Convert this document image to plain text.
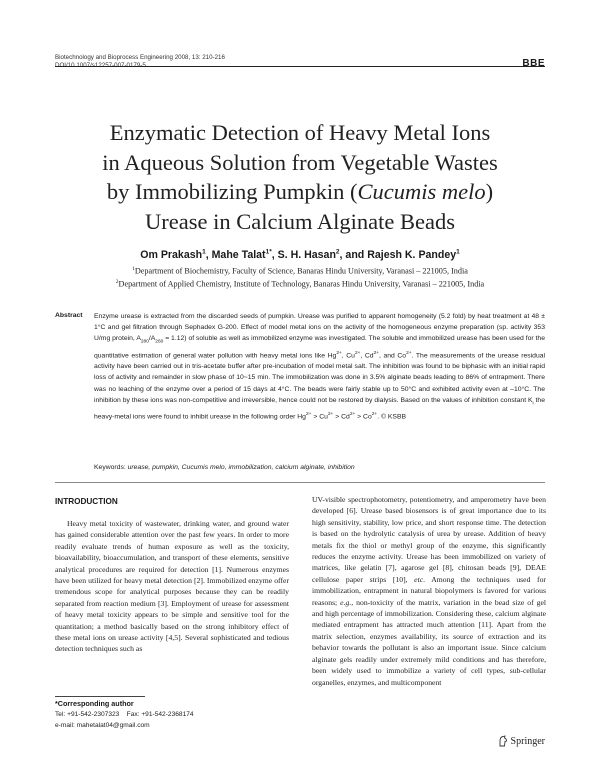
Biotechnology and Bioprocess Engineering 2008, 13: 210-216
DOI/10.1007/s12257-007-0179-5	BBE
Enzymatic Detection of Heavy Metal Ions
in Aqueous Solution from Vegetable Wastes
by Immobilizing Pumpkin (Cucumis melo)
Urease in Calcium Alginate Beads
Om Prakash$^1$, Mahe Talat$^{1*}$, S. H. Hasan$^2$, and Rajesh K. Pandey$^1$
$^1$Department of Biochemistry, Faculty of Science, Banaras Hindu University, Varanasi – 221005, India
$^2$Department of Applied Chemistry, Institute of Technology, Banaras Hindu University, Varanasi – 221005, India
Abstract Enzyme urease is extracted from the discarded seeds of pumpkin. Urease was purified to apparent homogeneity (5.2 fold) by heat treatment at 48 ± 1°C and gel filtration through Sephadex G-200. Effect of model metal ions on the activity of the homogeneous enzyme preparation (sp. activity 353 U/mg protein, $A_{280}/A_{260} = 1.12$) of soluble as well as immobilized enzyme was investigated. The soluble and immobilized urease has been used for the quantitative estimation of general water pollution with heavy metal ions like $Hg^{2+}$, $Cu^{2+}$, $Cd^{2+}$, and $Co^{2+}$. The measurements of the urease residual activity have been carried out in tris-acetate buffer after pre-incubation of model metal salt. The inhibition was found to be biphasic with an initial rapid loss of activity and remainder in slow phase of 10~15 min. The immobilization was done in 3.5% alginate beads leading to 86% of entrapment. There was no leaching of the enzyme over a period of 15 days at 4°C. The beads were fairly stable up to 50°C and exhibited activity even at –10°C. The inhibition by these ions was non-competitive and irreversible, hence could not be restored by dialysis. Based on the values of inhibition constant $K_i$ the heavy-metal ions were found to inhibit urease in the following order $Hg^{2+} > Cu^{2+} > Cd^{2+} > Co^{2+}$. © KSBB
Keywords: urease, pumpkin, Cucumis melo, immobilization, calcium alginate, inhibition
INTRODUCTION

Heavy metal toxicity of wastewater, drinking water, and ground water has gained considerable attention over the past few years. In order to more readily evaluate trends of human exposure as well as the toxicity, bioavailability, bioaccumulation, and transport of these elements, sensitive analytical procedures are required for detection [1]. Numerous enzymes have been utilized for heavy metal detection [2]. Immobilized enzyme offer tremendous scope for analytical purposes because they can be readily separated from reaction medium [3]. Employment of urease for assessment of heavy metal toxicity appears to be simple and sensitive tool for the quantitation; a method basically based on the strong inhibitory effect of these metal ions on urease activity [4,5]. Several sophisticated and tedious detection techniques such as

UV-visible spectrophotometry, potentiometry, and amperometry have been developed [6]. Urease based biosensors is of great importance due to its high sensitivity, stability, low price, and short response time. The detection is based on the hydrolytic catalysis of urea by urease. Addition of heavy metals fix the thiol or methyl group of the enzyme, this significantly reduces the enzyme activity. Urease has been immobilized on variety of matrices, like gelatin [7], agarose gel [8], chitosan beads [9], DEAE cellulose paper strips [10], etc. Among the techniques used for immobilization, entrapment in natural biopolymers is favored for various reasons; e.g., non-toxicity of the matrix, variation in the bead size of gel and high percentage of immobilization. Considering these, calcium alginate mediated entrapment has attracted much attention [11]. Apart from the matrix selection, enzymes availability, its source of extraction and its behavior towards the pollutant is also an important issue. Since calcium alginate gels readily under extremely mild conditions and has therefore, been widely used to immobilize a variety of cell types, sub-cellular organelles, enzymes, and multicomponent

*Corresponding author
Tel: +91-542-2307323    Fax: +91-542-2368174
e-mail: mahetalat04@gmail.com
Springer
